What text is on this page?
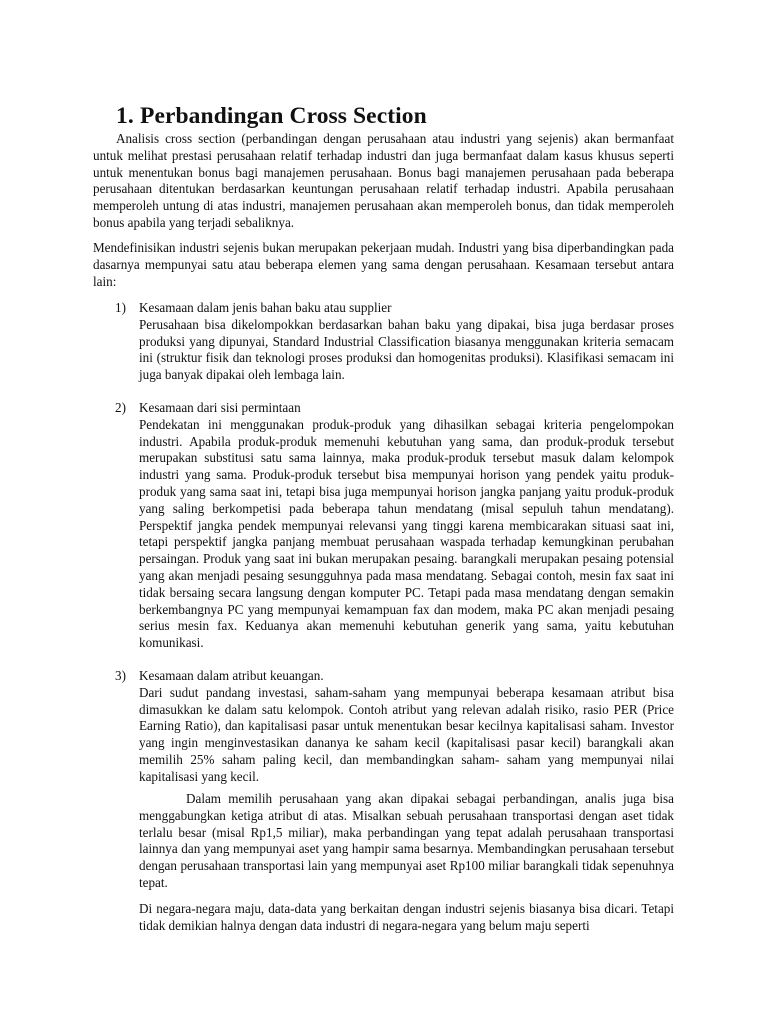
1. Perbandingan Cross Section

Analisis cross section (perbandingan dengan perusahaan atau industri yang sejenis) akan bermanfaat untuk melihat prestasi perusahaan relatif terhadap industri dan juga bermanfaat dalam kasus khusus seperti untuk menentukan bonus bagi manajemen perusahaan. Bonus bagi manajemen perusahaan pada beberapa perusahaan ditentukan berdasarkan keuntungan perusahaan relatif terhadap industri. Apabila perusahaan memperoleh untung di atas industri, manajemen perusahaan akan memperoleh bonus, dan tidak memperoleh bonus apabila yang terjadi sebaliknya.

Mendefinisikan industri sejenis bukan merupakan pekerjaan mudah. Industri yang bisa diperbandingkan pada dasarnya mempunyai satu atau beberapa elemen yang sama dengan perusahaan. Kesamaan tersebut antara lain:

1) Kesamaan dalam jenis bahan baku atau supplier
Perusahaan bisa dikelompokkan berdasarkan bahan baku yang dipakai, bisa juga berdasar proses produksi yang dipunyai, Standard Industrial Classification biasanya menggunakan kriteria semacam ini (struktur fisik dan teknologi proses produksi dan homogenitas produksi). Klasifikasi semacam ini juga banyak dipakai oleh lembaga lain.
2) Kesamaan dari sisi permintaan
Pendekatan ini menggunakan produk-produk yang dihasilkan sebagai kriteria pengelompokan industri. Apabila produk-produk memenuhi kebutuhan yang sama, dan produk-produk tersebut merupakan substitusi satu sama lainnya, maka produk-produk tersebut masuk dalam kelompok industri yang sama. Produk-produk tersebut bisa mempunyai horison yang pendek yaitu produk-produk yang sama saat ini, tetapi bisa juga mempunyai horison jangka panjang yaitu produk-produk yang saling berkompetisi pada beberapa tahun mendatang (misal sepuluh tahun mendatang). Perspektif jangka pendek mempunyai relevansi yang tinggi karena membicarakan situasi saat ini, tetapi perspektif jangka panjang membuat perusahaan waspada terhadap kemungkinan perubahan persaingan. Produk yang saat ini bukan merupakan pesaing. barangkali merupakan pesaing potensial yang akan menjadi pesaing sesungguhnya pada masa mendatang. Sebagai contoh, mesin fax saat ini tidak bersaing secara langsung dengan komputer PC. Tetapi pada masa mendatang dengan semakin berkembangnya PC yang mempunyai kemampuan fax dan modem, maka PC akan menjadi pesaing serius mesin fax. Keduanya akan memenuhi kebutuhan generik yang sama, yaitu kebutuhan komunikasi.
3) Kesamaan dalam atribut keuangan.
Dari sudut pandang investasi, saham-saham yang mempunyai beberapa kesamaan atribut bisa dimasukkan ke dalam satu kelompok. Contoh atribut yang relevan adalah risiko, rasio PER (Price Earning Ratio), dan kapitalisasi pasar untuk menentukan besar kecilnya kapitalisasi saham. Investor yang ingin menginvestasikan dananya ke saham kecil (kapitalisasi pasar kecil) barangkali akan memilih 25% saham paling kecil, dan membandingkan saham- saham yang mempunyai nilai kapitalisasi yang kecil.

Dalam memilih perusahaan yang akan dipakai sebagai perbandingan, analis juga bisa menggabungkan ketiga atribut di atas. Misalkan sebuah perusahaan transportasi dengan aset tidak terlalu besar (misal Rp1,5 miliar), maka perbandingan yang tepat adalah perusahaan transportasi lainnya dan yang mempunyai aset yang hampir sama besarnya. Membandingkan perusahaan tersebut dengan perusahaan transportasi lain yang mempunyai aset Rp100 miliar barangkali tidak sepenuhnya tepat.

Di negara-negara maju, data-data yang berkaitan dengan industri sejenis biasanya bisa dicari. Tetapi tidak demikian halnya dengan data industri di negara-negara yang belum maju seperti
